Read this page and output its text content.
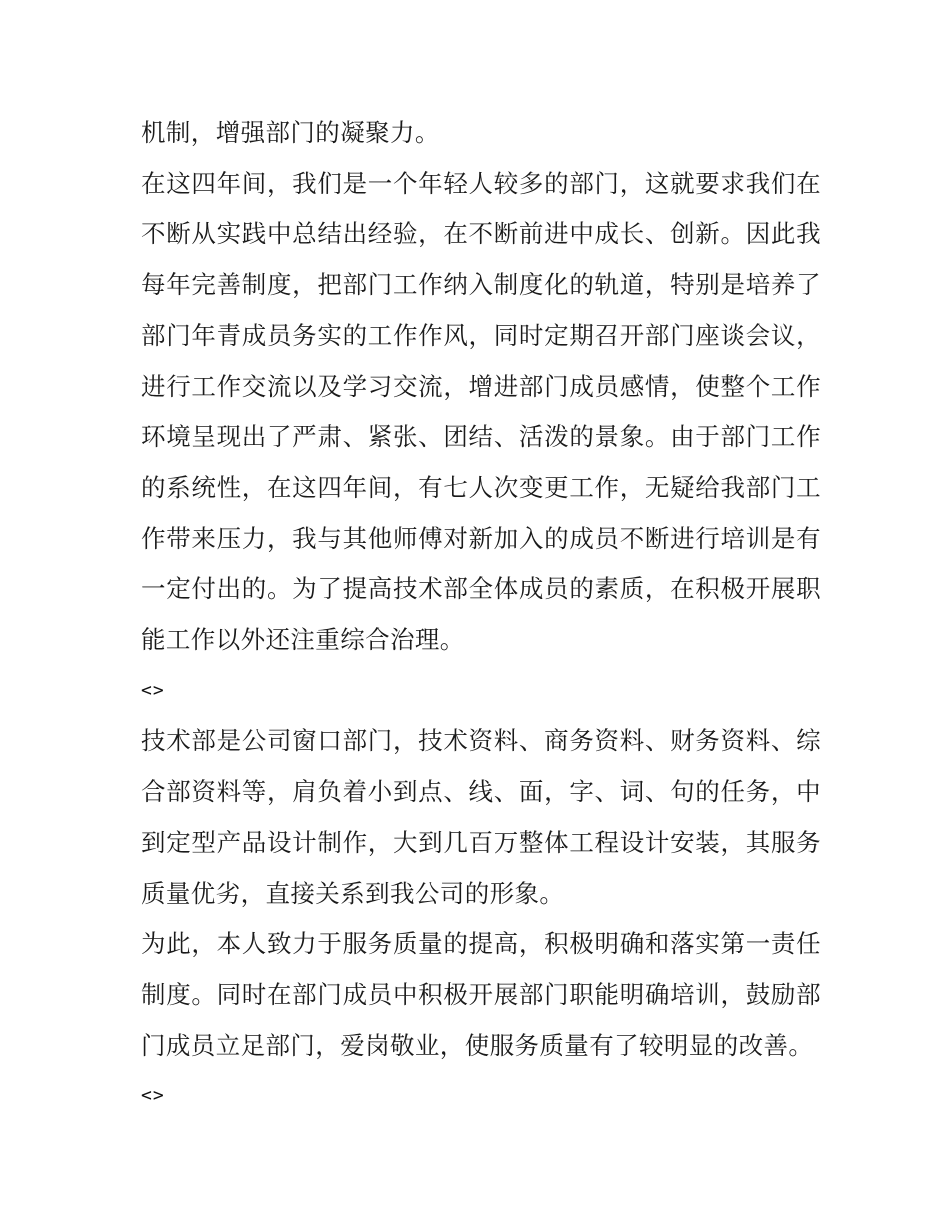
机制，增强部门的凝聚力。

在这四年间，我们是一个年轻人较多的部门，这就要求我们在不断从实践中总结出经验，在不断前进中成长、创新。因此我每年完善制度，把部门工作纳入制度化的轨道，特别是培养了部门年青成员务实的工作作风，同时定期召开部门座谈会议，进行工作交流以及学习交流，增进部门成员感情，使整个工作环境呈现出了严肃、紧张、团结、活泼的景象。由于部门工作的系统性，在这四年间，有七人次变更工作，无疑给我部门工作带来压力，我与其他师傅对新加入的成员不断进行培训是有一定付出的。为了提高技术部全体成员的素质，在积极开展职能工作以外还注重综合治理。

<>

技术部是公司窗口部门，技术资料、商务资料、财务资料、综合部资料等，肩负着小到点、线、面，字、词、句的任务，中到定型产品设计制作，大到几百万整体工程设计安装，其服务质量优劣，直接关系到我公司的形象。

为此，本人致力于服务质量的提高，积极明确和落实第一责任制度。同时在部门成员中积极开展部门职能明确培训，鼓励部门成员立足部门，爱岗敬业，使服务质量有了较明显的改善。

<>
